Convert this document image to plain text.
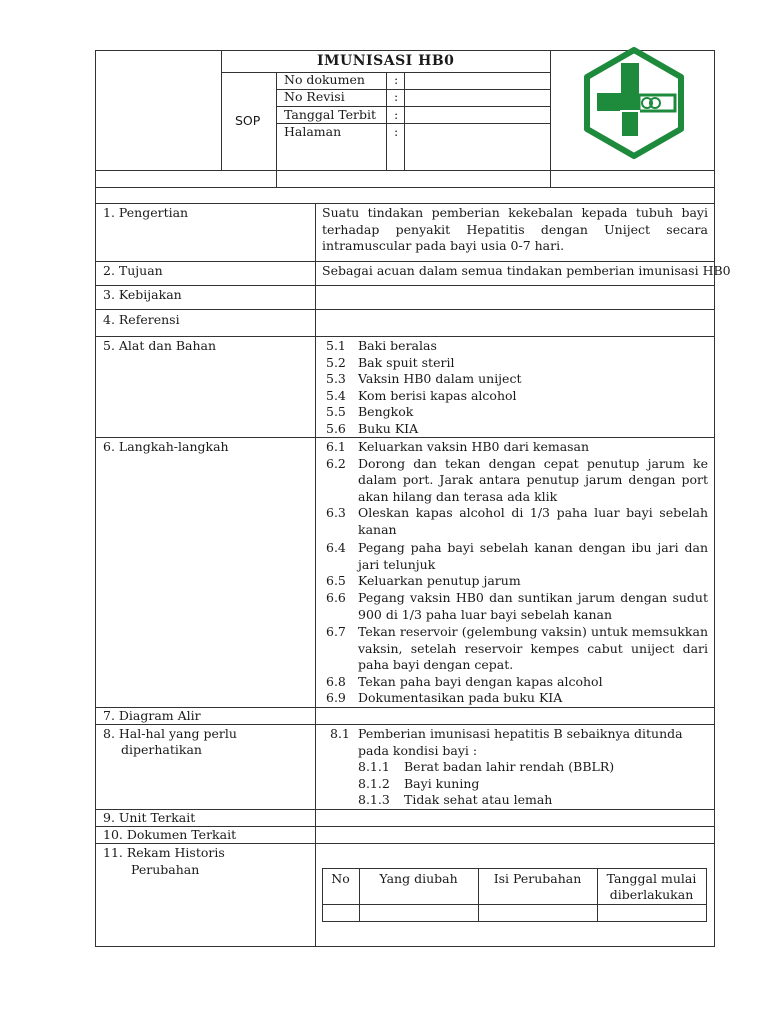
IMUNISASI HB0
SOP
No dokumen :
No Revisi	:
Tanggal Terbit :
Halaman	:
1. Pengertian	Suatu tindakan pemberian kekebalan kepada tubuh bayi terhadap penyakit Hepatitis dengan Uniject secara intramuscular pada bayi usia 0-7 hari.
2. Tujuan	Sebagai acuan dalam semua tindakan pemberian imunisasi HB0
3. Kebijakan
4. Referensi
5. Alat dan Bahan	5.1 Baki beralas
5.2 Bak spuit steril
5.3 Vaksin HB0 dalam uniject
5.4 Kom berisi kapas alcohol
5.5 Bengkok
5.6 Buku KIA
6. Langkah-langkah	6.1 Keluarkan vaksin HB0 dari kemasan
6.2 Dorong dan tekan dengan cepat penutup jarum ke dalam port. Jarak antara penutup jarum dengan port akan hilang dan terasa ada klik
6.3 Oleskan kapas alcohol di 1/3 paha luar bayi sebelah kanan
6.4 Pegang paha bayi sebelah kanan dengan ibu jari dan jari telunjuk
6.5 Keluarkan penutup jarum
6.6 Pegang vaksin HB0 dan suntikan jarum dengan sudut 900 di 1/3 paha luar bayi sebelah kanan
6.7 Tekan reservoir (gelembung vaksin) untuk memsukkan vaksin, setelah reservoir kempes cabut uniject dari paha bayi dengan cepat.
6.8 Tekan paha bayi dengan kapas alcohol
6.9 Dokumentasikan pada buku KIA
7. Diagram Alir
8. Hal-hal yang perlu
diperhatikan
8.1 Pemberian imunisasi hepatitis B sebaiknya ditunda pada kondisi bayi :
8.1.1 Berat badan lahir rendah (BBLR)
8.1.2 Bayi kuning
8.1.3 Tidak sehat atau lemah
9. Unit Terkait
10. Dokumen Terkait
11. Rekam Historis
Perubahan
No	Yang diubah	Isi Perubahan	Tanggal mulai
diberlakukan
